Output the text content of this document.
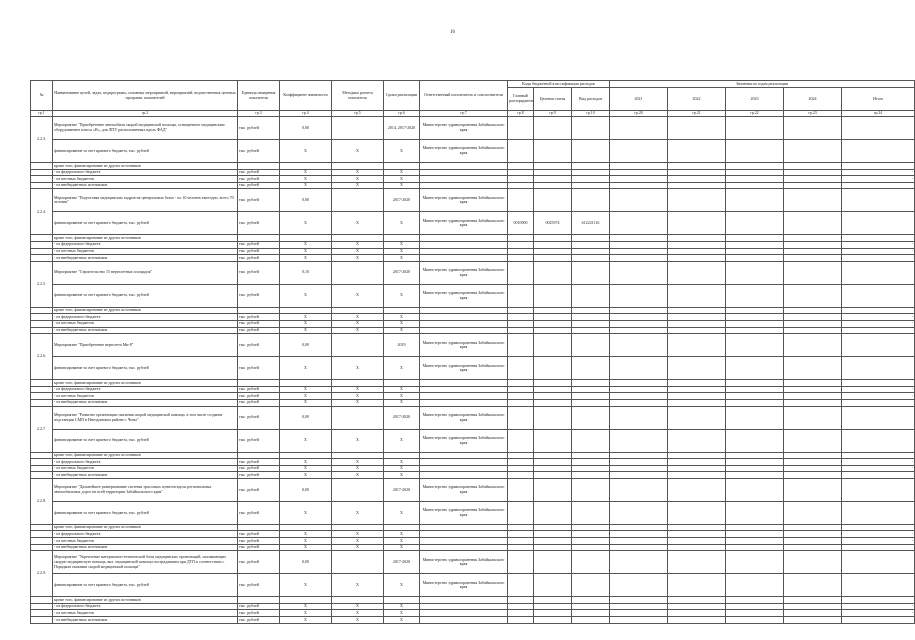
16
№	Наименование целей, задач, подпрограмм, основных мероприятий, мероприятий, ведомственных целевых программ, показателей	Единица измерения показателя	Коэффициент значимости	Методика расчета показателя	Сроки реализации	Ответственный исполнитель и соисполнители	Коды бюджетной классификации расходов			Значения по годам реализации				
							Главный распорядитель	Целевая статья	Вид расходов	2021	2022	2023	2024	Итого
гр.1	гр.2	гр.3	гр.4	гр.5	гр.6	гр.7	гр.8	гр.9	гр.10	гр.20	гр.21	гр.22	гр.23	гр.24
2.2.3.	Мероприятие "Приобретение автомобиля скорой медицинской помощи, оснащенного медицинским оборудованием класса «В», для ЛПУ, расположенных вдоль ФАД"	тыс. рублей	0,00		2014, 2017-2020	Министерство здравоохранения Забайкальского края								
	финансирование за счет краевого бюджета, тыс. рублей	тыс. рублей	X	X	X	Министерство здравоохранения Забайкальского края								
	кроме того, финансирование из других источников													
	- из федерального бюджета	тыс. рублей	X	X	X									-
	- из местных бюджетов	тыс. рублей	X	X	X									-
	- из внебюджетных источников	тыс. рублей	X	X	X									
2.2.4.	Мероприятие "Подготовка медицинских кадров на центральных базах - по 10 человек ежегодно, всего 70 человек"	тыс. рублей	0,00		2017-2020	Министерство здравоохранения Забайкальского края								
	финансирование за счет краевого бюджета, тыс. рублей	тыс. рублей	X	X	X	Министерство здравоохранения Забайкальского края	0010900	0025974	612241116					
	кроме того, финансирование из других источников													
	- из федерального бюджета	тыс. рублей	X	X	X									-
	- из местных бюджетов	тыс. рублей	X	X	X									-
	- из внебюджетных источников	тыс. рублей	X	X	X									
2.2.5.	Мероприятие "Строительство 15 вертолетных площадок"	тыс. рублей	0,10		2017-2020	Министерство здравоохранения Забайкальского края								
	финансирование за счет краевого бюджета, тыс. рублей	тыс. рублей	X	X	X	Министерство здравоохранения Забайкальского края								
	кроме того, финансирование из других источников													
	- из федерального бюджета	тыс. рублей	X	X	X									-
	- из местных бюджетов	тыс. рублей	X	X	X									-
	- из внебюджетных источников	тыс. рублей	X	X	X									
2.2.6.	Мероприятие "Приобретение вертолета Ми-8"	тыс. рублей	0,00		2019	Министерство здравоохранения Забайкальского края								
	финансирование за счет краевого бюджета, тыс. рублей	тыс. рублей	X	X	X	Министерство здравоохранения Забайкальского края								
	кроме того, финансирование из других источников													
	- из федерального бюджета	тыс. рублей	X	X	X									-
	- из местных бюджетов	тыс. рублей	X	X	X									-
	- из внебюджетных источников	тыс. рублей	X	X	X									
2.2.7.	Мероприятие "Развитие организации оказания скорой медицинской помощи, в том числе создание подстанции СМП в Ингодинском районе г. Читы"	тыс. рублей	0,00		2017-2020	Министерство здравоохранения Забайкальского края								
	финансирование за счет краевого бюджета, тыс. рублей	тыс. рублей	X	X	X	Министерство здравоохранения Забайкальского края								
	кроме того, финансирование из других источников													
	- из федерального бюджета	тыс. рублей	X	X	X									-
	- из местных бюджетов	тыс. рублей	X	X	X									-
	- из внебюджетных источников	тыс. рублей	X	X	X									
2.2.8.	Мероприятие "Дальнейшее развертывание системы трассовых пунктов вдоль региональных автомобильных дорог на всей территории Забайкальского края"	тыс. рублей	0,00		2017-2020	Министерство здравоохранения Забайкальского края								
	финансирование за счет краевого бюджета, тыс. рублей	тыс. рублей	X	X	X	Министерство здравоохранения Забайкальского края								
	кроме того, финансирование из других источников													
	- из федерального бюджета	тыс. рублей	X	X	X									-
	- из местных бюджетов	тыс. рублей	X	X	X									-
	- из внебюджетных источников	тыс. рублей	X	X	X									
2.2.9.	Мероприятие "Укрепление материально-технической базы медицинских организаций, оказывающих скорую медицинскую помощь, вкл. медицинской помощи пострадавшим при ДТП в соответствии с Порядком оказания скорой медицинской помощи"	тыс. рублей	0,00		2017-2020	Министерство здравоохранения Забайкальского края								
	финансирование за счет краевого бюджета, тыс. рублей	тыс. рублей	X	X	X	Министерство здравоохранения Забайкальского края								
	кроме того, финансирование из других источников													
	- из федерального бюджета	тыс. рублей	X	X	X									-
	- из местных бюджетов	тыс. рублей	X	X	X									-
	- из внебюджетных источников	тыс. рублей	X	X	X									
